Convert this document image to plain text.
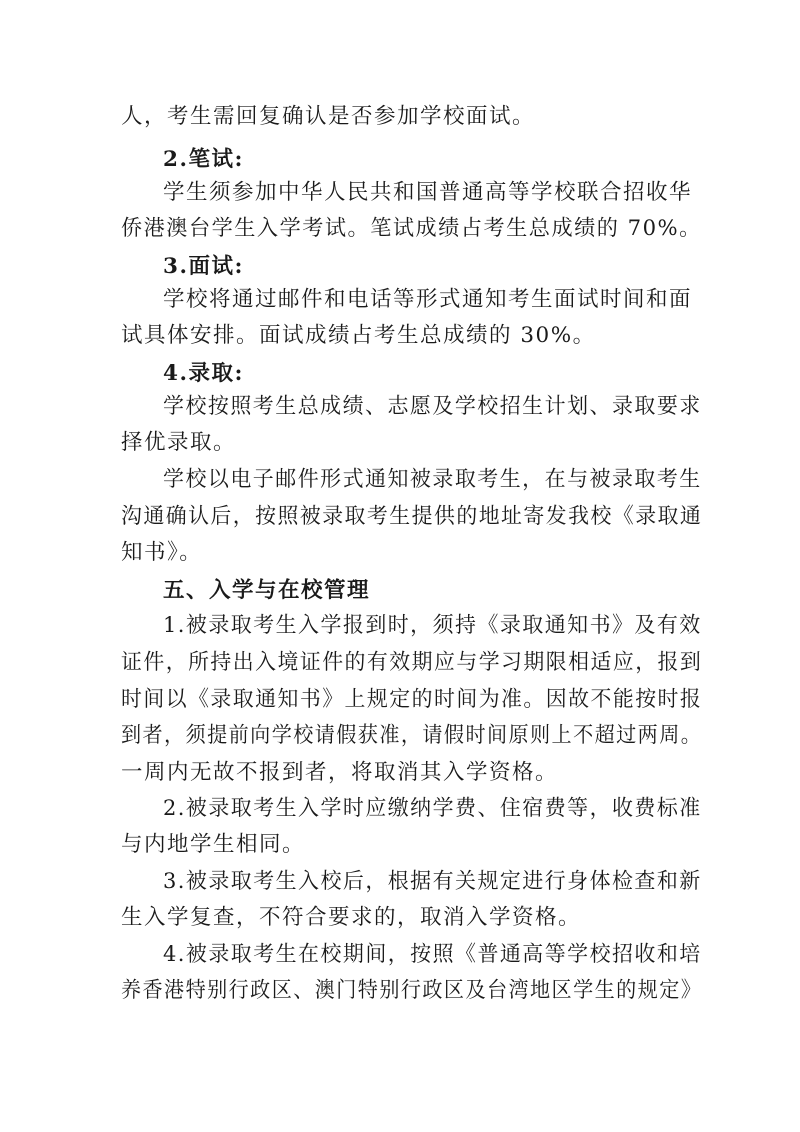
人，考生需回复确认是否参加学校面试。
2.笔试:
学生须参加中华人民共和国普通高等学校联合招收华
侨港澳台学生入学考试。笔试成绩占考生总成绩的 70%。
3.面试:
学校将通过邮件和电话等形式通知考生面试时间和面
试具体安排。面试成绩占考生总成绩的 30%。
4.录取:
学校按照考生总成绩、志愿及学校招生计划、录取要求
择优录取。
学校以电子邮件形式通知被录取考生，在与被录取考生
沟通确认后，按照被录取考生提供的地址寄发我校《录取通
知书》。
五、入学与在校管理
1.被录取考生入学报到时，须持《录取通知书》及有效
证件，所持出入境证件的有效期应与学习期限相适应，报到
时间以《录取通知书》上规定的时间为准。因故不能按时报
到者，须提前向学校请假获准，请假时间原则上不超过两周。
一周内无故不报到者，将取消其入学资格。
2.被录取考生入学时应缴纳学费、住宿费等，收费标准
与内地学生相同。
3.被录取考生入校后，根据有关规定进行身体检查和新
生入学复查，不符合要求的，取消入学资格。
4.被录取考生在校期间，按照《普通高等学校招收和培
养香港特别行政区、澳门特别行政区及台湾地区学生的规定》
